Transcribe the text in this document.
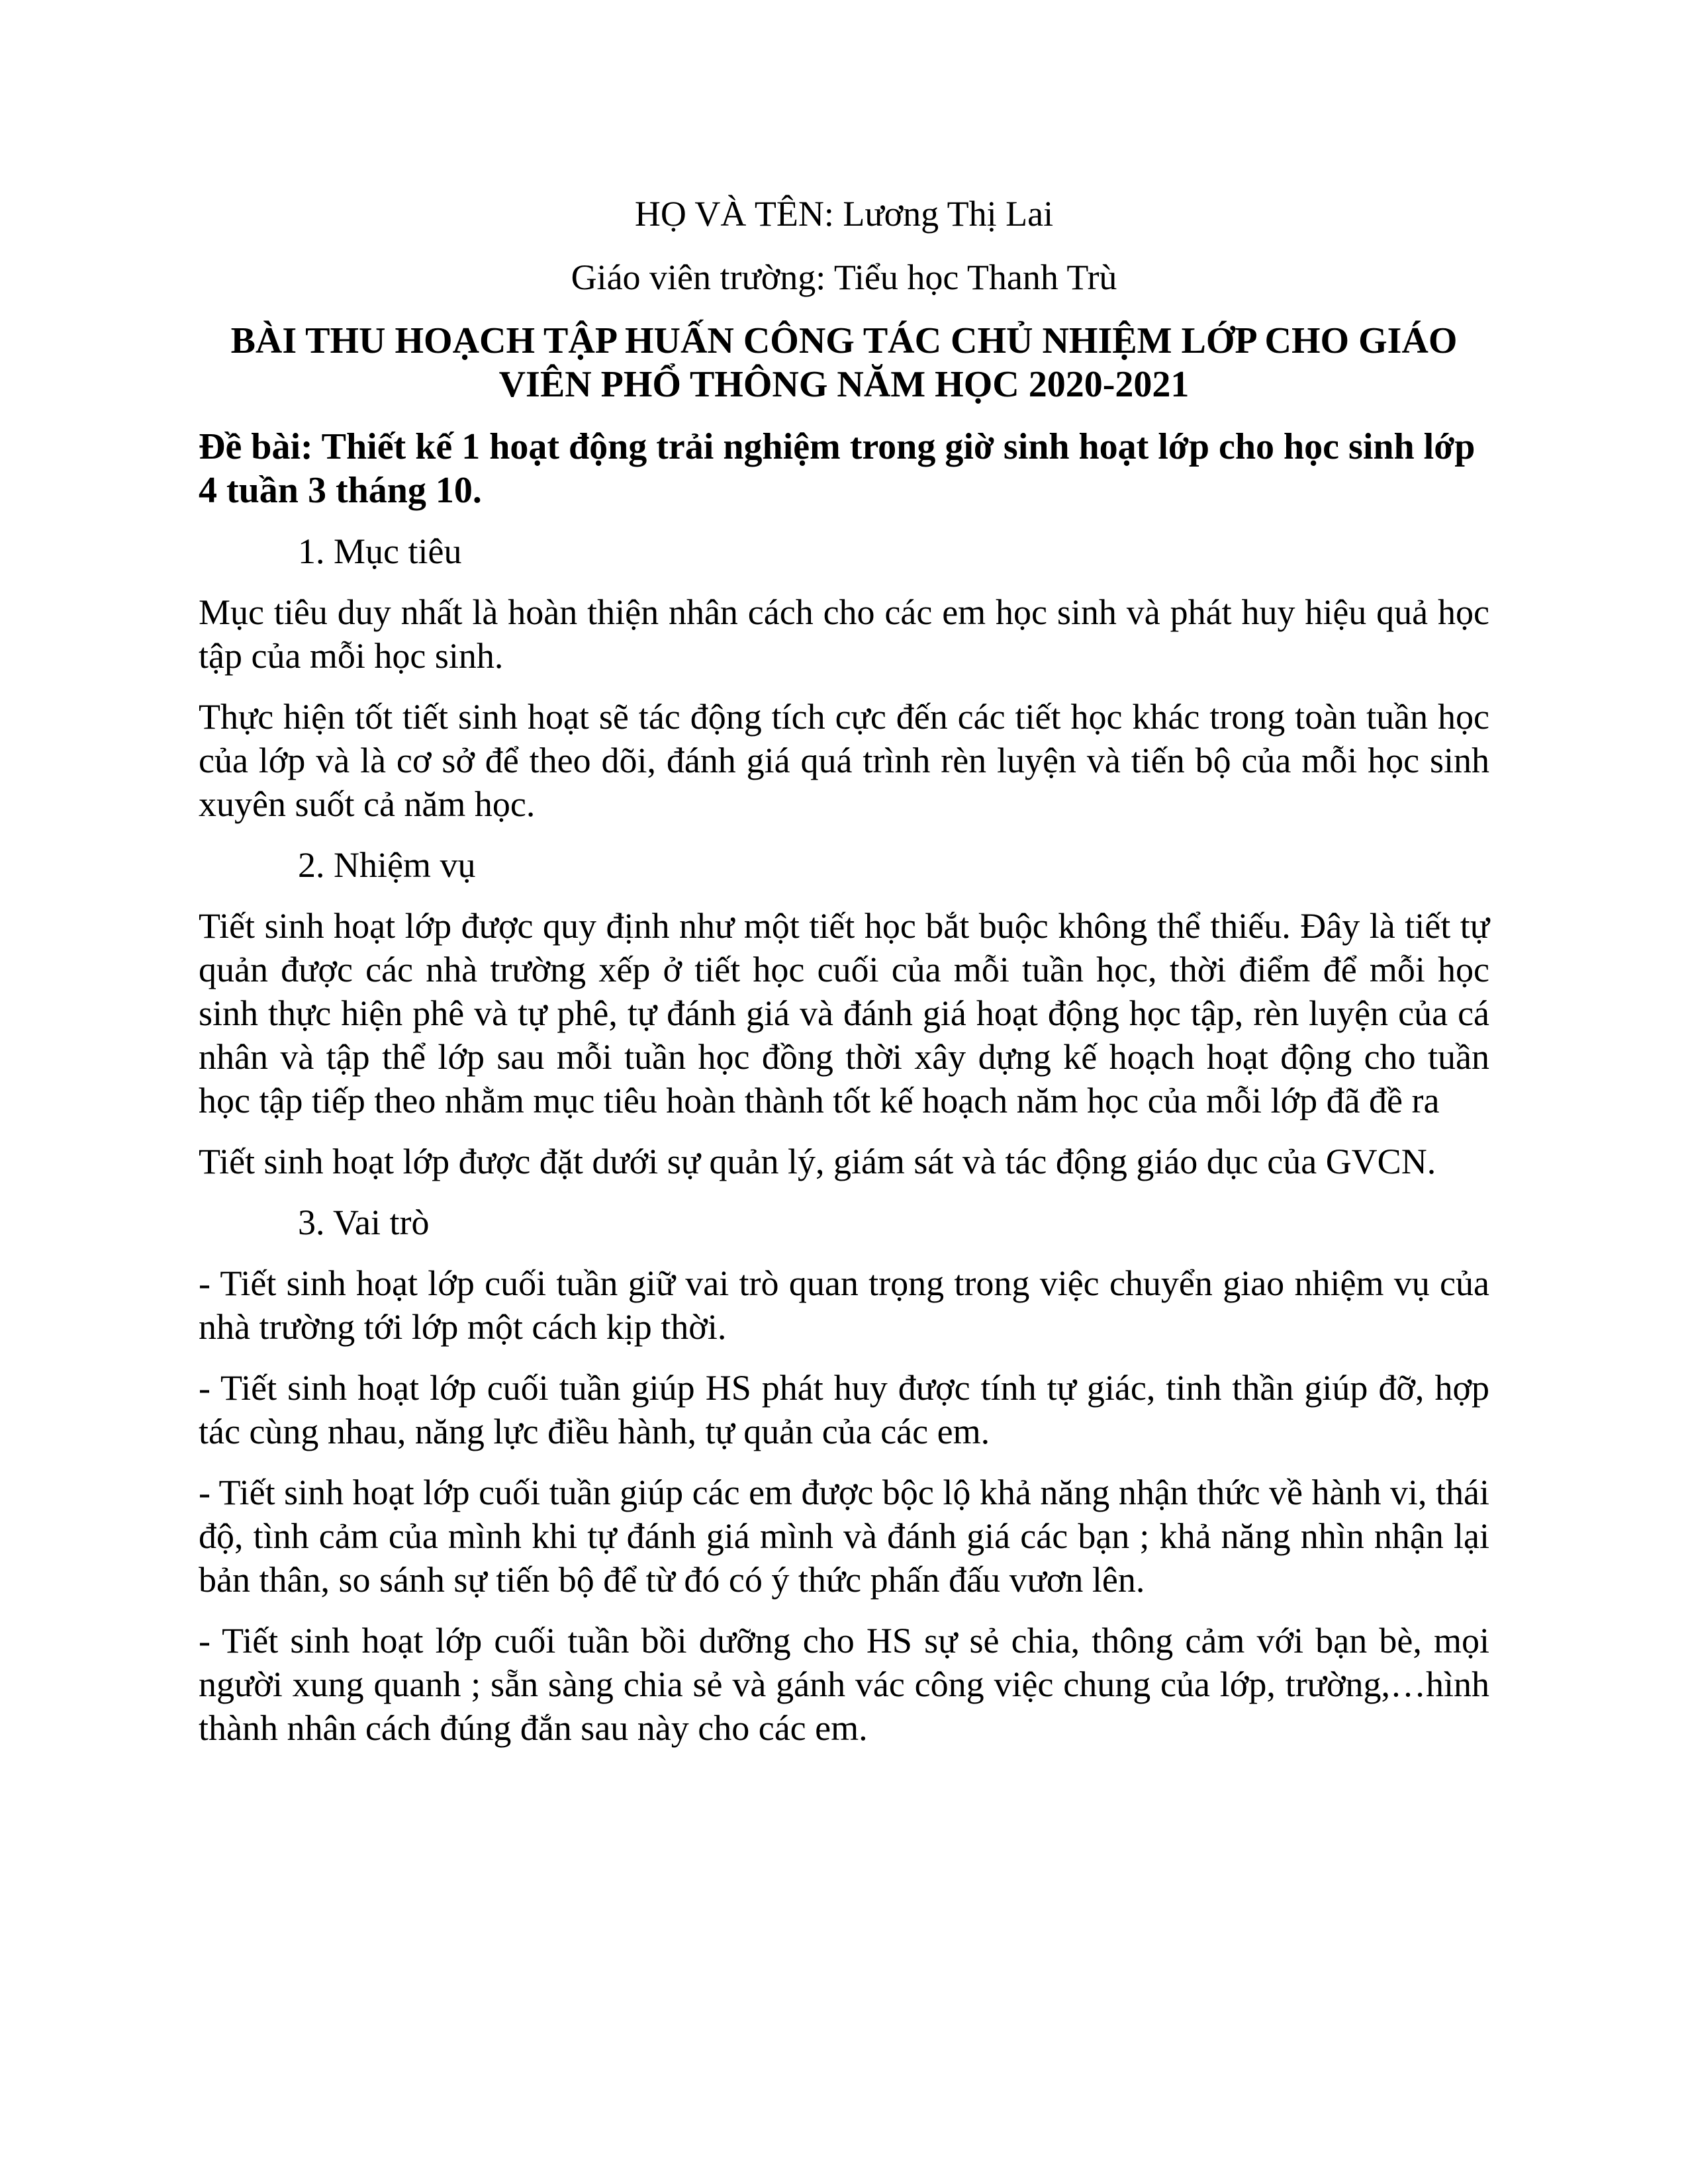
HỌ VÀ TÊN: Lương Thị Lai

Giáo viên trường: Tiểu học Thanh Trù

BÀI THU HOẠCH TẬP HUẤN CÔNG TÁC CHỦ NHIỆM LỚP CHO GIÁO VIÊN PHỔ THÔNG NĂM HỌC 2020-2021

Đề bài: Thiết kế 1 hoạt động trải nghiệm trong giờ sinh hoạt lớp cho học sinh lớp 4 tuần 3 tháng 10.

1. Mục tiêu

Mục tiêu duy nhất là hoàn thiện nhân cách cho các em học sinh và phát huy hiệu quả học tập của mỗi học sinh.

Thực hiện tốt tiết sinh hoạt sẽ tác động tích cực đến các tiết học khác trong toàn tuần học của lớp và là cơ sở để theo dõi, đánh giá quá trình rèn luyện và tiến bộ của mỗi học sinh xuyên suốt cả năm học.

2. Nhiệm vụ

Tiết sinh hoạt lớp được quy định như một tiết học bắt buộc không thể thiếu. Đây là tiết tự quản được các nhà trường xếp ở tiết học cuối của mỗi tuần học, thời điểm để mỗi học sinh thực hiện phê và tự phê, tự đánh giá và đánh giá hoạt động học tập, rèn luyện của cá nhân và tập thể lớp sau mỗi tuần học đồng thời xây dựng kế hoạch hoạt động cho tuần học tập tiếp theo nhằm mục tiêu hoàn thành tốt kế hoạch năm học của mỗi lớp đã đề ra

Tiết sinh hoạt lớp được đặt dưới sự quản lý, giám sát và tác động giáo dục của GVCN.

3. Vai trò

- Tiết sinh hoạt lớp cuối tuần giữ vai trò quan trọng trong việc chuyển giao nhiệm vụ của nhà trường tới lớp một cách kịp thời.

- Tiết sinh hoạt lớp cuối tuần giúp HS phát huy được tính tự giác, tinh thần giúp đỡ, hợp tác cùng nhau, năng lực điều hành, tự quản của các em.

- Tiết sinh hoạt lớp cuối tuần giúp các em được bộc lộ khả năng nhận thức về hành vi, thái độ, tình cảm của mình khi tự đánh giá mình và đánh giá các bạn ; khả năng nhìn nhận lại bản thân, so sánh sự tiến bộ để từ đó có ý thức phấn đấu vươn lên.

- Tiết sinh hoạt lớp cuối tuần bồi dưỡng cho HS sự sẻ chia, thông cảm với bạn bè, mọi người xung quanh ; sẵn sàng chia sẻ và gánh vác công việc chung của lớp, trường,…hình thành nhân cách đúng đắn sau này cho các em.
